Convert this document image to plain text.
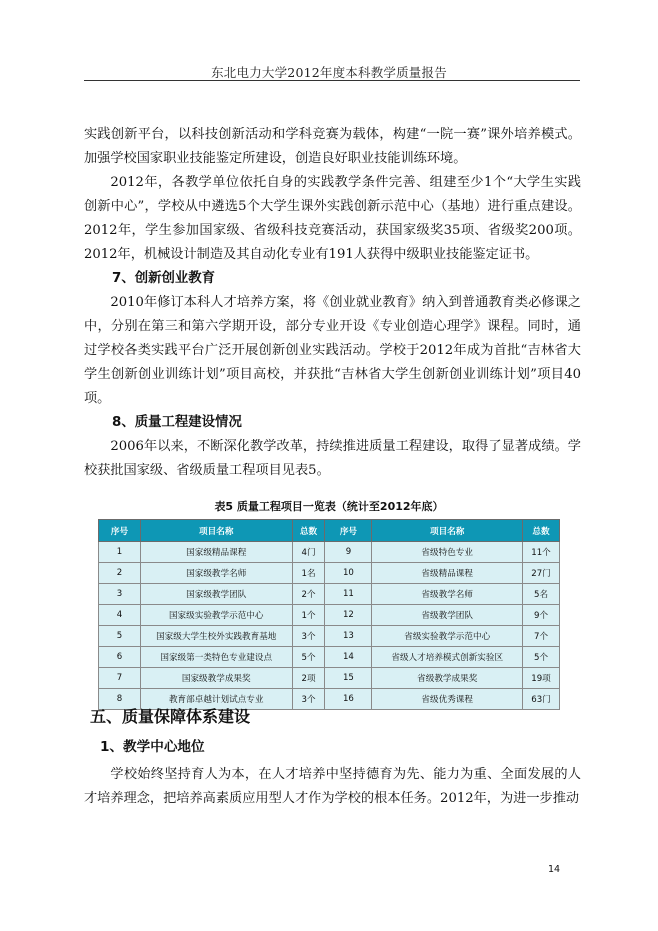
东北电力大学2012年度本科教学质量报告

实践创新平台，以科技创新活动和学科竞赛为载体，构建“一院一赛”课外培养模式。加强学校国家职业技能鉴定所建设，创造良好职业技能训练环境。

2012年，各教学单位依托自身的实践教学条件完善、组建至少1个“大学生实践创新中心”，学校从中遴选5个大学生课外实践创新示范中心（基地）进行重点建设。2012年，学生参加国家级、省级科技竞赛活动，获国家级奖35项、省级奖200项。2012年，机械设计制造及其自动化专业有191人获得中级职业技能鉴定证书。

7、创新创业教育

2010年修订本科人才培养方案，将《创业就业教育》纳入到普通教育类必修课之中，分别在第三和第六学期开设，部分专业开设《专业创造心理学》课程。同时，通过学校各类实践平台广泛开展创新创业实践活动。学校于2012年成为首批“吉林省大学生创新创业训练计划”项目高校，并获批“吉林省大学生创新创业训练计划”项目40项。

8、质量工程建设情况

2006年以来，不断深化教学改革，持续推进质量工程建设，取得了显著成绩。学校获批国家级、省级质量工程项目见表5。

表5 质量工程项目一览表（统计至2012年底）
序号	项目名称	总数	序号	项目名称	总数
1	国家级精品课程	4门	9	省级特色专业	11个
2	国家级教学名师	1名	10	省级精品课程	27门
3	国家级教学团队	2个	11	省级教学名师	5名
4	国家级实验教学示范中心	1个	12	省级教学团队	9个
5	国家级大学生校外实践教育基地	3个	13	省级实验教学示范中心	7个
6	国家级第一类特色专业建设点	5个	14	省级人才培养模式创新实验区	5个
7	国家级教学成果奖	2项	15	省级教学成果奖	19项
8	教育部卓越计划试点专业	3个	16	省级优秀课程	63门
五、质量保障体系建设
1、教学中心地位

学校始终坚持育人为本，在人才培养中坚持德育为先、能力为重、全面发展的人才培养理念，把培养高素质应用型人才作为学校的根本任务。2012年，为进一步推动

14
